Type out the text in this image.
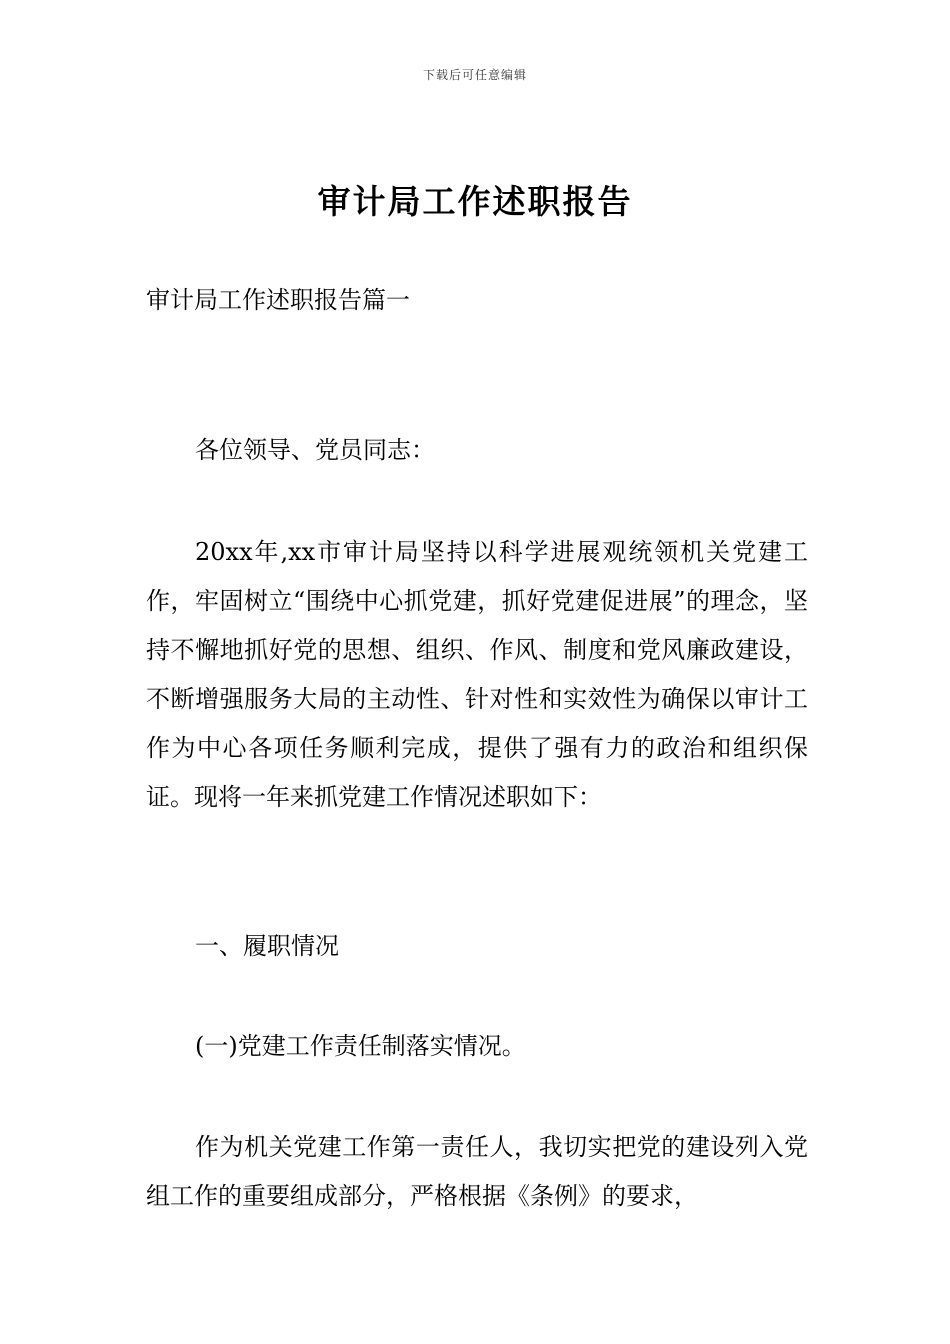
下载后可任意编辑
审计局工作述职报告

审计局工作述职报告篇一

各位领导、党员同志：

20xx年,xx市审计局坚持以科学进展观统领机关党建工作，牢固树立“围绕中心抓党建，抓好党建促进展”的理念，坚持不懈地抓好党的思想、组织、作风、制度和党风廉政建设，不断增强服务大局的主动性、针对性和实效性为确保以审计工作为中心各项任务顺利完成，提供了强有力的政治和组织保证。现将一年来抓党建工作情况述职如下：

一、履职情况

(一)党建工作责任制落实情况。

作为机关党建工作第一责任人，我切实把党的建设列入党组工作的重要组成部分，严格根据《条例》的要求，
